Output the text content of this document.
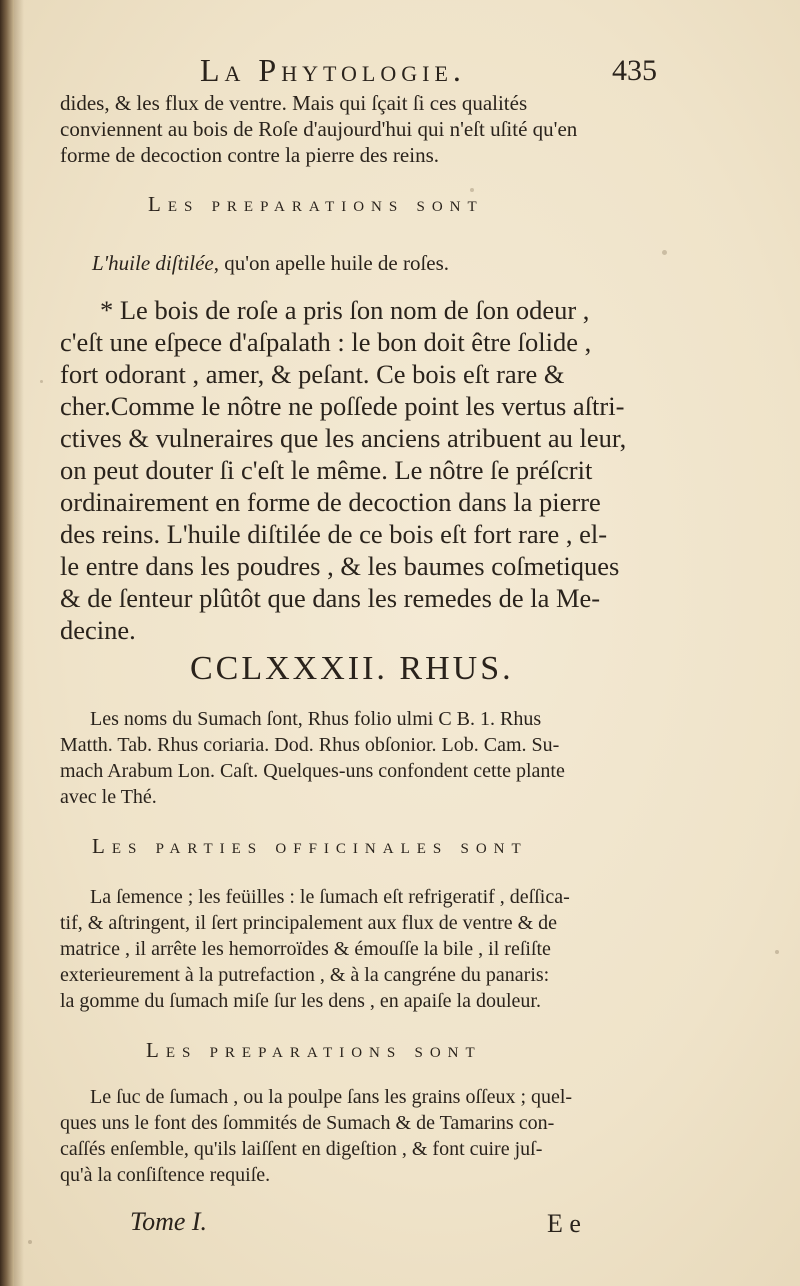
La Phytologie.	435
dides, & les flux de ventre. Mais qui ſçait ſi ces qualités
conviennent au bois de Roſe d'aujourd'hui qui n'eſt uſité qu'en
forme de decoction contre la pierre des reins.
Les preparations sont
L'huile diſtilée, qu'on apelle huile de roſes.
* Le bois de roſe a pris ſon nom de ſon odeur ,
c'eſt une eſpece d'aſpalath : le bon doit être ſolide ,
fort odorant , amer, & peſant. Ce bois eſt rare &
cher.Comme le nôtre ne poſſede point les vertus aſtri-
ctives & vulneraires que les anciens atribuent au leur,
on peut douter ſi c'eſt le même. Le nôtre ſe préſcrit
ordinairement en forme de decoction dans la pierre
des reins. L'huile diſtilée de ce bois eſt fort rare , el-
le entre dans les poudres , & les baumes coſmetiques
& de ſenteur plûtôt que dans les remedes de la Me-
decine.
CCLXXXII. RHUS.
Les noms du Sumach ſont, Rhus folio ulmi C B. 1. Rhus
Matth. Tab. Rhus coriaria. Dod. Rhus obſonior. Lob. Cam. Su-
mach Arabum Lon. Caſt. Quelques-uns confondent cette plante
avec le Thé.
Les parties officinales sont
La ſemence ; les feüilles : le ſumach eſt refrigeratif , deſſica-
tif, & aſtringent, il ſert principalement aux flux de ventre & de
matrice , il arrête les hemorroïdes & émouſſe la bile , il reſiſte
exterieurement à la putrefaction , & à la cangréne du panaris:
la gomme du ſumach miſe ſur les dens , en apaiſe la douleur.
Les preparations sont
Le ſuc de ſumach , ou la poulpe ſans les grains oſſeux ; quel-
ques uns le font des ſommités de Sumach & de Tamarins con-
caſſés enſemble, qu'ils laiſſent en digeſtion , & font cuire juſ-
qu'à la conſiſtence requiſe.
Tome I.	E e
